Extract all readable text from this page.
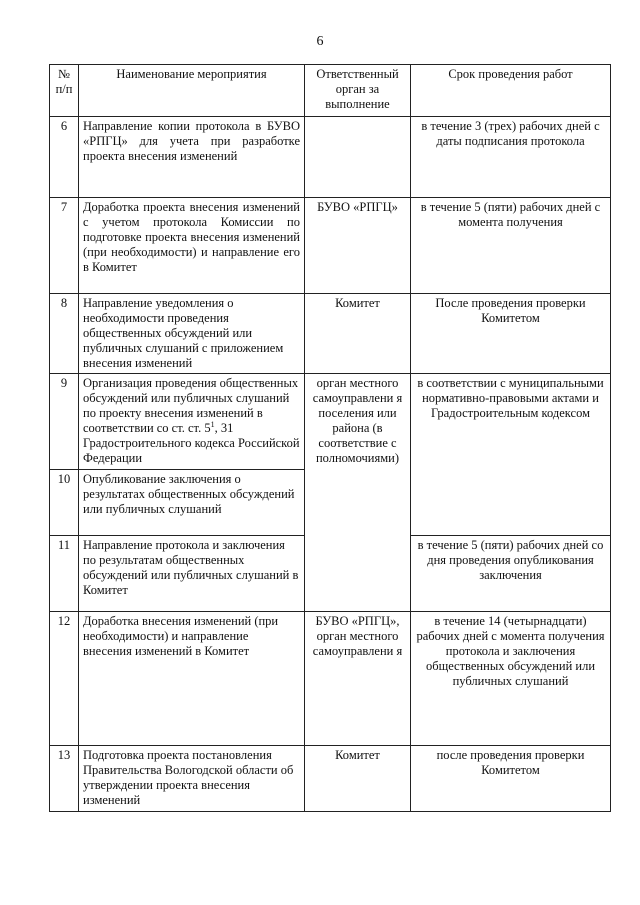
6
№ п/п	Наименование мероприятия	Ответственный орган за выполнение	Срок проведения работ
6	Направление копии протокола в БУВО «РПГЦ» для учета при разработке проекта внесения изменений		в течение 3 (трех) рабочих дней с даты подписания протокола
7	Доработка проекта внесения изменений с учетом протокола Комиссии по подготовке проекта внесения изменений (при необходимости) и направление его в Комитет	БУВО «РПГЦ»	в течение 5 (пяти) рабочих дней с момента получения
8	Направление уведомления о необходимости проведения общественных обсуждений или публичных слушаний с приложением внесения изменений	Комитет	После проведения проверки Комитетом
9	Организация проведения общественных обсуждений или публичных слушаний по проекту внесения изменений в соответствии со ст. ст. $5^1$, 31 Градостроительного кодекса Российской Федерации	орган местного самоуправлени я поселения или района (в соответствие с полномочиями)	в соответствии с муниципальными нормативно-правовыми актами и Градостроительным кодексом
10	Опубликование заключения о результатах общественных обсуждений или публичных слушаний		
11	Направление протокола и заключения по результатам общественных обсуждений или публичных слушаний в Комитет		в течение 5 (пяти) рабочих дней со дня проведения опубликования заключения
12	Доработка внесения изменений (при необходимости) и направление внесения изменений в Комитет	БУВО «РПГЦ», орган местного самоуправлени я	в течение 14 (четырнадцати) рабочих дней с момента получения протокола и заключения общественных обсуждений или публичных слушаний
13	Подготовка проекта постановления Правительства Вологодской области об утверждении проекта внесения изменений	Комитет	после проведения проверки Комитетом
